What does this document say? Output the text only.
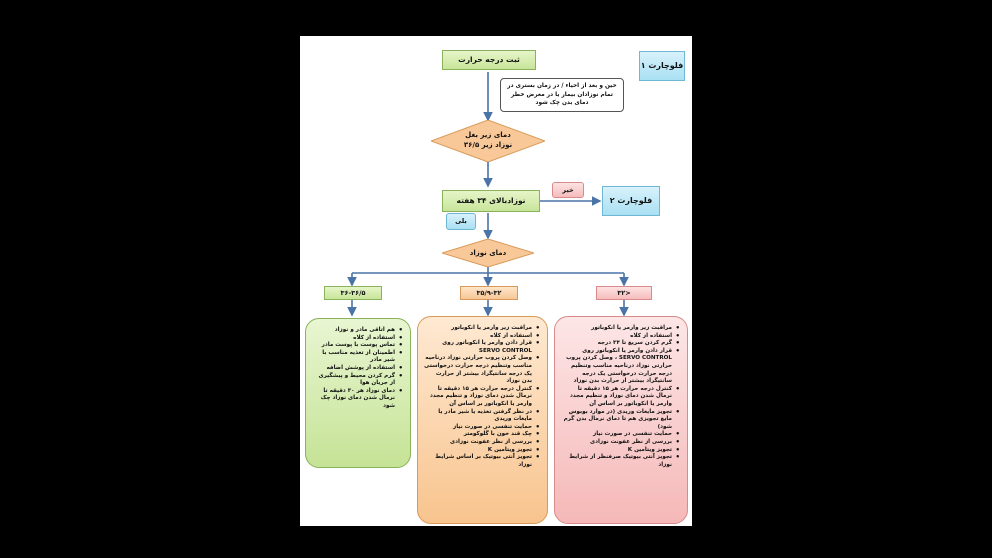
فلوچارت ۱
ثبت درجه حرارت
حین و بعد از احیاء / در زمان بستری در تمام نوزادان بیمار یا در معرض خطر دمای بدن چک شود
دمای زیر بغل
نوزاد زیر ۳۶/۵
نوزادبالای ۳۴ هفته
خیر
فلوچارت ۲
بلی
دمای نوزاد
۳۶-۳۶/۵	۳۵/۹-۳۲	<۳۲
• هم اتاقی مادر و نوزاد
• استفاده از کلاه
• تماس پوست با پوست مادر
• اطمینان از تغذیه مناسب با شیر مادر
• استفاده از پوشش اضافه
• گرم کردن محیط و پیشگیری از جریان هوا
• دمای نوزاد هر ۳۰ دقیقه تا نرمال شدن دمای نوزاد چک شود
• مراقبت زیر وارمر یا انکوباتور
• استفاده از کلاه
• قرار دادن وارمر یا انکوباتور روی SERVO CONTROL
• وصل کردن پروب حرارتی نوزاد درناحیه مناسب وتنظیم درجه حرارت درخواستی یک درجه سانتیگراد بیشتر از حرارت بدن نوزاد
• کنترل درجه حرارت هر ۱۵ دقیقه تا نرمال شدن دمای نوزاد و تنظیم مجدد وارمر یا انکوباتور بر اساس آن
• در نظر گرفتن تغذیه یا شیر مادر یا مایعات وریدی
• حمایت تنفسی در صورت نیاز
• چک قند خون با گلوکومتر
• بررسی از نظر عفونت نوزادی
• تجویز ویتامین K
• تجویز آنتی بیوتیک بر اساس شرایط نوزاد
• مراقبت زیر وارمر یا انکوباتور
• استفاده از کلاه
• گرم کردن سریع تا ۳۴ درجه
• قرار دادن وارمر یا انکوباتور روی SERVO CONTROL ، وصل کردن پروب حرارتی نوزاد درناحیه مناسب وتنظیم درجه حرارت درخواستی یک درجه سانتیگراد بیشتر از حرارت بدن نوزاد
• کنترل درجه حرارت هر ۱۵ دقیقه تا نرمال شدن دمای نوزاد و تنظیم مجدد وارمر یا انکوباتور بر اساس آن
• تجویز مایعات وریدی (در موارد بوبوس مایع تجویزی هم تا دمای نرمال بدن گرم شود)
• حمایت تنفسی در صورت نیاز
• بررسی از نظر عفونت نوزادی
• تجویز ویتامین K
• تجویز آنتی بیوتیک صرفنظر از شرایط نوزاد
